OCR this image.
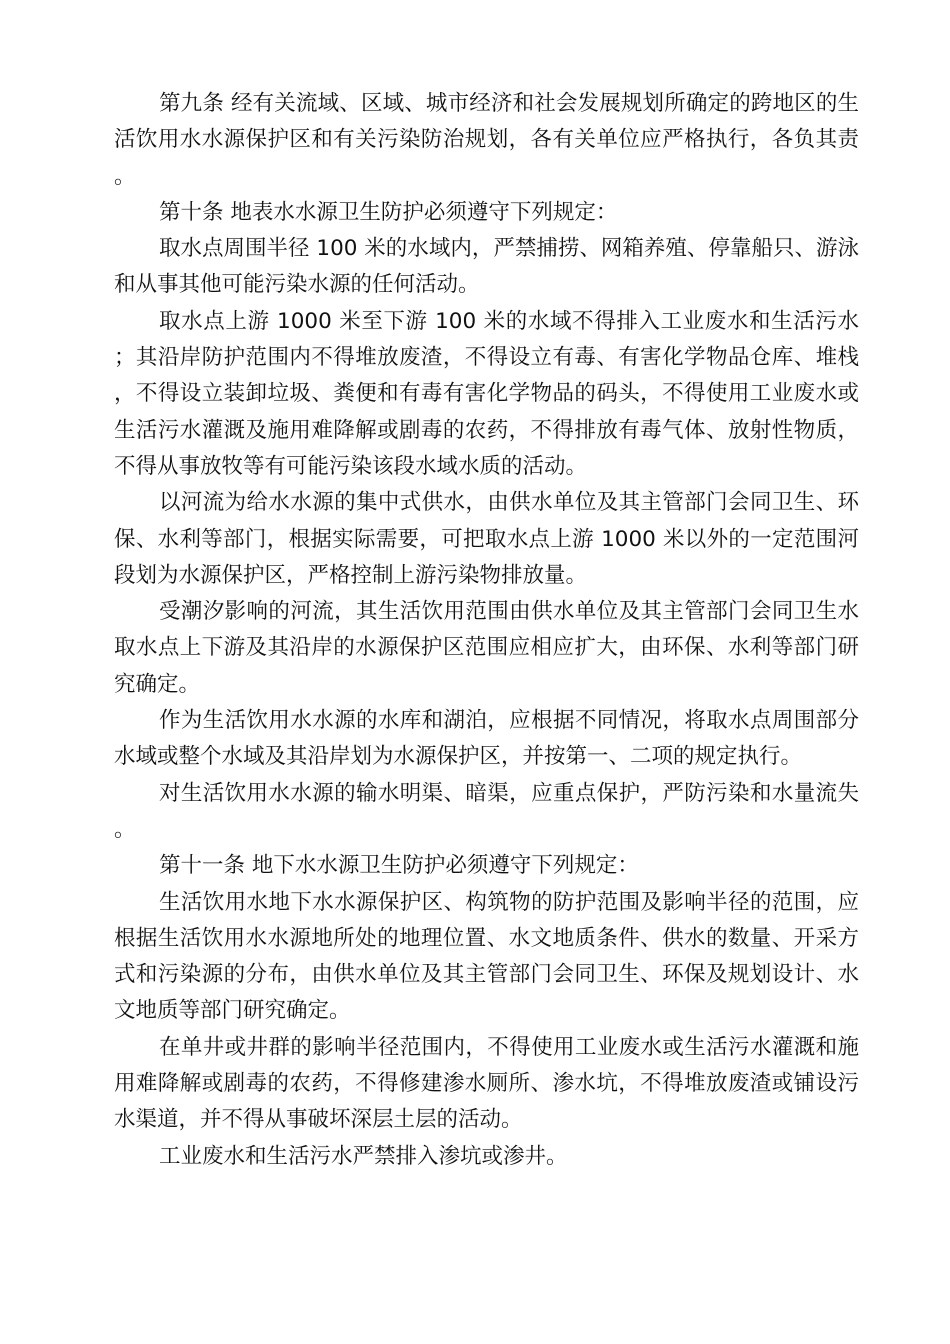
第九条 经有关流域、区域、城市经济和社会发展规划所确定的跨地区的生活饮用水水源保护区和有关污染防治规划，各有关单位应严格执行，各负其责。

第十条 地表水水源卫生防护必须遵守下列规定：

取水点周围半径 100 米的水域内，严禁捕捞、网箱养殖、停靠船只、游泳和从事其他可能污染水源的任何活动。

取水点上游 1000 米至下游 100 米的水域不得排入工业废水和生活污水；其沿岸防护范围内不得堆放废渣，不得设立有毒、有害化学物品仓库、堆栈，不得设立装卸垃圾、粪便和有毒有害化学物品的码头，不得使用工业废水或生活污水灌溉及施用难降解或剧毒的农药，不得排放有毒气体、放射性物质，不得从事放牧等有可能污染该段水域水质的活动。

以河流为给水水源的集中式供水，由供水单位及其主管部门会同卫生、环保、水利等部门，根据实际需要，可把取水点上游 1000 米以外的一定范围河段划为水源保护区，严格控制上游污染物排放量。

受潮汐影响的河流，其生活饮用范围由供水单位及其主管部门会同卫生水取水点上下游及其沿岸的水源保护区范围应相应扩大，由环保、水利等部门研究确定。

作为生活饮用水水源的水库和湖泊，应根据不同情况，将取水点周围部分水域或整个水域及其沿岸划为水源保护区，并按第一、二项的规定执行。

对生活饮用水水源的输水明渠、暗渠，应重点保护，严防污染和水量流失。

第十一条 地下水水源卫生防护必须遵守下列规定：

生活饮用水地下水水源保护区、构筑物的防护范围及影响半径的范围，应根据生活饮用水水源地所处的地理位置、水文地质条件、供水的数量、开采方式和污染源的分布，由供水单位及其主管部门会同卫生、环保及规划设计、水文地质等部门研究确定。

在单井或井群的影响半径范围内，不得使用工业废水或生活污水灌溉和施用难降解或剧毒的农药，不得修建渗水厕所、渗水坑，不得堆放废渣或铺设污水渠道，并不得从事破坏深层土层的活动。

工业废水和生活污水严禁排入渗坑或渗井。
